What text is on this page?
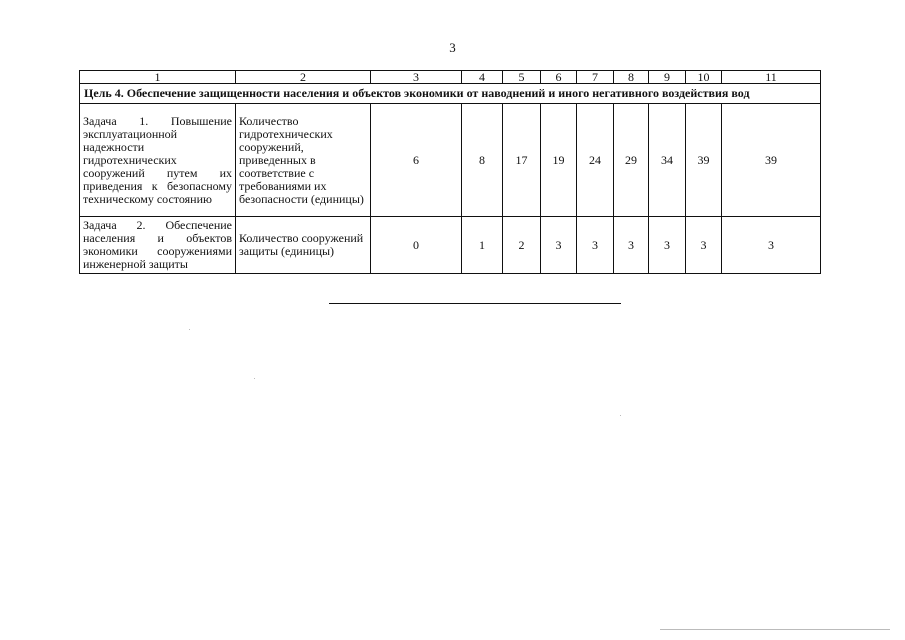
3
1	2	3	4	5	6	7	8	9	10	11
Цель 4. Обеспечение защищенности населения и объектов экономики от наводнений и иного негативного воздействия вод										
Задача 1. Повышение эксплуатационной надежности гидротехнических сооружений путем их приведения к безопасному техническому состоянию	Количество гидротехнических сооружений, приведенных в соответствие с требованиями их безопасности (единицы)	6	8	17	19	24	29	34	39	39
Задача 2. Обеспечение населения и объектов экономики сооружениями инженерной защиты	Количество сооружений защиты (единицы)	0	1	2	3	3	3	3	3	3
